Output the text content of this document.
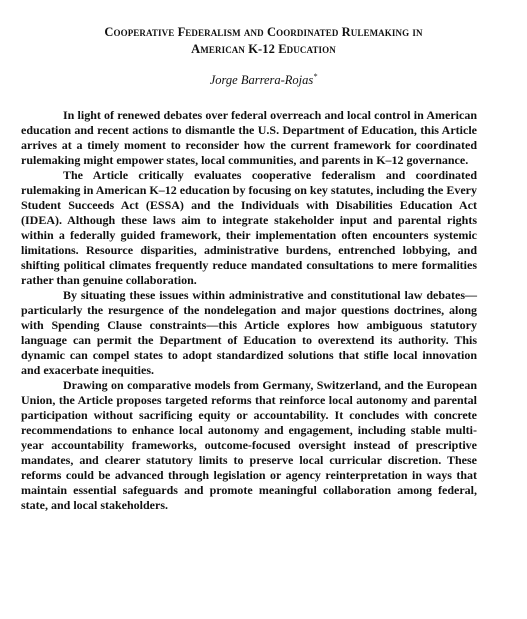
Cooperative Federalism and Coordinated Rulemaking in
American K-12 Education
Jorge Barrera-Rojas*

In light of renewed debates over federal overreach and local control in American education and recent actions to dismantle the U.S. Department of Education, this Article arrives at a timely moment to reconsider how the current framework for coordinated rulemaking might empower states, local communities, and parents in K–12 governance.

The Article critically evaluates cooperative federalism and coordinated rulemaking in American K–12 education by focusing on key statutes, including the Every Student Succeeds Act (ESSA) and the Individuals with Disabilities Education Act (IDEA). Although these laws aim to integrate stakeholder input and parental rights within a federally guided framework, their implementation often encounters systemic limitations. Resource disparities, administrative burdens, entrenched lobbying, and shifting political climates frequently reduce mandated consultations to mere formalities rather than genuine collaboration.

By situating these issues within administrative and constitutional law debates—particularly the resurgence of the nondelegation and major questions doctrines, along with Spending Clause constraints—this Article explores how ambiguous statutory language can permit the Department of Education to overextend its authority. This dynamic can compel states to adopt standardized solutions that stifle local innovation and exacerbate inequities.

Drawing on comparative models from Germany, Switzerland, and the European Union, the Article proposes targeted reforms that reinforce local autonomy and parental participation without sacrificing equity or accountability. It concludes with concrete recommendations to enhance local autonomy and engagement, including stable multi-year accountability frameworks, outcome-focused oversight instead of prescriptive mandates, and clearer statutory limits to preserve local curricular discretion. These reforms could be advanced through legislation or agency reinterpretation in ways that maintain essential safeguards and promote meaningful collaboration among federal, state, and local stakeholders.
